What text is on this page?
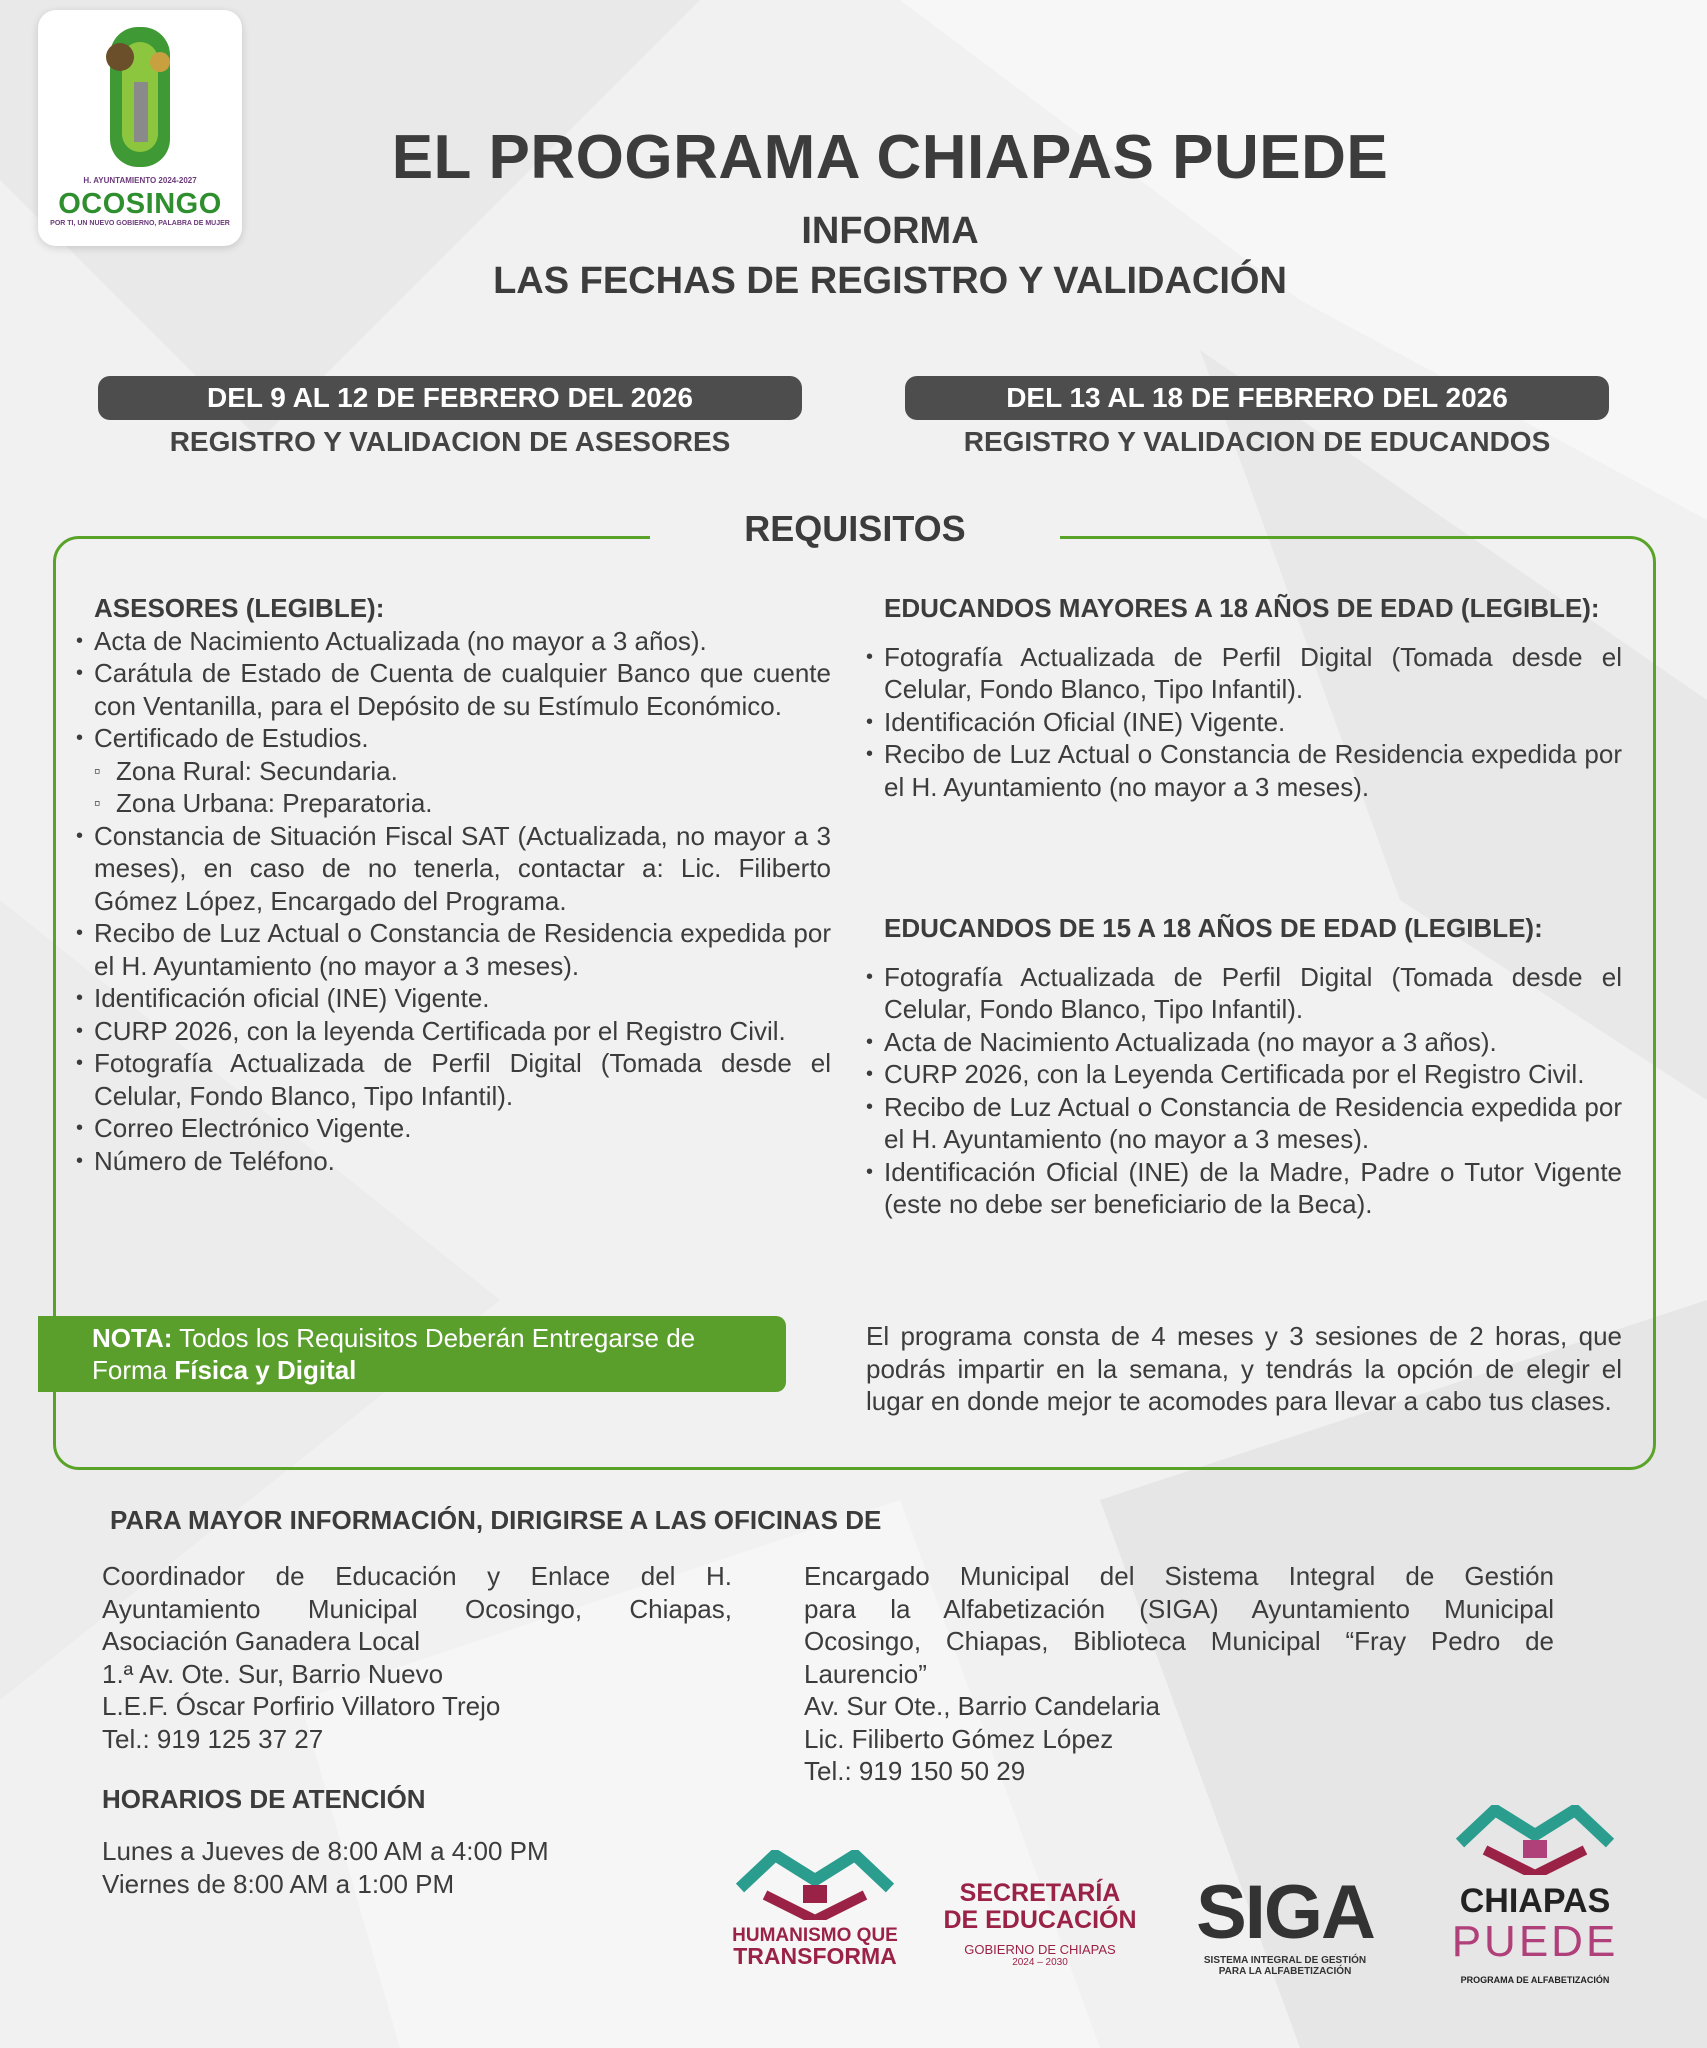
H. AYUNTAMIENTO 2024-2027
OCOSINGO
POR TI, UN NUEVO GOBIERNO, PALABRA DE MUJER
EL PROGRAMA CHIAPAS PUEDE
INFORMA
LAS FECHAS DE REGISTRO Y VALIDACIÓN
DEL 9 AL 12 DE FEBRERO DEL 2026
REGISTRO Y VALIDACION DE ASESORES
DEL 13 AL 18 DE FEBRERO DEL 2026
REGISTRO Y VALIDACION DE EDUCANDOS
REQUISITOS
ASESORES (LEGIBLE):
• Acta de Nacimiento Actualizada (no mayor a 3 años).
• Carátula de Estado de Cuenta de cualquier Banco que cuente con Ventanilla, para el Depósito de su Estímulo Económico.
• Certificado de Estudios.
▫ Zona Rural: Secundaria.
▫ Zona Urbana: Preparatoria.
• Constancia de Situación Fiscal SAT (Actualizada, no mayor a 3 meses), en caso de no tenerla, contactar a: Lic. Filiberto Gómez López, Encargado del Programa.
• Recibo de Luz Actual o Constancia de Residencia expedida por el H. Ayuntamiento (no mayor a 3 meses).
• Identificación oficial (INE) Vigente.
• CURP 2026, con la leyenda Certificada por el Registro Civil.
• Fotografía Actualizada de Perfil Digital (Tomada desde el Celular, Fondo Blanco, Tipo Infantil).
• Correo Electrónico Vigente.
• Número de Teléfono.
NOTA: Todos los Requisitos Deberán Entregarse de Forma Física y Digital
EDUCANDOS MAYORES A 18 AÑOS DE EDAD (LEGIBLE):
• Fotografía Actualizada de Perfil Digital (Tomada desde el Celular, Fondo Blanco, Tipo Infantil).
• Identificación Oficial (INE) Vigente.
• Recibo de Luz Actual o Constancia de Residencia expedida por el H. Ayuntamiento (no mayor a 3 meses).
EDUCANDOS DE 15 A 18 AÑOS DE EDAD (LEGIBLE):
• Fotografía Actualizada de Perfil Digital (Tomada desde el Celular, Fondo Blanco, Tipo Infantil).
• Acta de Nacimiento Actualizada (no mayor a 3 años).
• CURP 2026, con la Leyenda Certificada por el Registro Civil.
• Recibo de Luz Actual o Constancia de Residencia expedida por el H. Ayuntamiento (no mayor a 3 meses).
• Identificación Oficial (INE) de la Madre, Padre o Tutor Vigente (este no debe ser beneficiario de la Beca).
El programa consta de 4 meses y 3 sesiones de 2 horas, que podrás impartir en la semana, y tendrás la opción de elegir el lugar en donde mejor te acomodes para llevar a cabo tus clases.
PARA MAYOR INFORMACIÓN, DIRIGIRSE A LAS OFICINAS DE
Coordinador de Educación y Enlace del H.
Ayuntamiento Municipal Ocosingo, Chiapas,
Asociación Ganadera Local
1.ª Av. Ote. Sur, Barrio Nuevo
L.E.F. Óscar Porfirio Villatoro Trejo
Tel.: 919 125 37 27
Encargado Municipal del Sistema Integral de Gestión
para la Alfabetización (SIGA) Ayuntamiento Municipal
Ocosingo, Chiapas, Biblioteca Municipal “Fray Pedro de
Laurencio”
Av. Sur Ote., Barrio Candelaria
Lic. Filiberto Gómez López
Tel.: 919 150 50 29
HORARIOS DE ATENCIÓN
Lunes a Jueves de 8:00 AM a 4:00 PM
Viernes de 8:00 AM a 1:00 PM
HUMANISMO QUE
TRANSFORMA
SECRETARÍA
DE EDUCACIÓN
GOBIERNO DE CHIAPAS
2024 – 2030
SIGA
SISTEMA INTEGRAL DE GESTIÓN
PARA LA ALFABETIZACIÓN
CHIAPAS
PUEDE
PROGRAMA DE ALFABETIZACIÓN
